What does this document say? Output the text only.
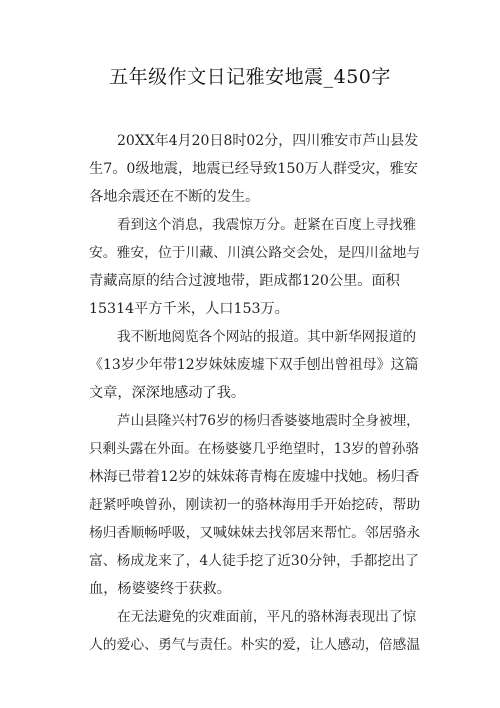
五年级作文日记雅安地震_450字

20XX年4月20日8时02分，四川雅安市芦山县发

生7。0级地震，地震已经导致150万人群受灾，雅安

各地余震还在不断的发生。

看到这个消息，我震惊万分。赶紧在百度上寻找雅

安。雅安，位于川藏、川滇公路交会处，是四川盆地与

青藏高原的结合过渡地带，距成都120公里。面积

15314平方千米，人口153万。

我不断地阅览各个网站的报道。其中新华网报道的

《13岁少年带12岁妹妹废墟下双手刨出曾祖母》这篇

文章，深深地感动了我。

芦山县隆兴村76岁的杨归香婆婆地震时全身被埋，

只剩头露在外面。在杨婆婆几乎绝望时，13岁的曾孙骆

林海已带着12岁的妹妹蒋青梅在废墟中找她。杨归香

赶紧呼唤曾孙，刚读初一的骆林海用手开始挖砖，帮助

杨归香顺畅呼吸，又喊妹妹去找邻居来帮忙。邻居骆永

富、杨成龙来了，4人徒手挖了近30分钟，手都挖出了

血，杨婆婆终于获救。

在无法避免的灾难面前，平凡的骆林海表现出了惊

人的爱心、勇气与责任。朴实的爱，让人感动，倍感温
